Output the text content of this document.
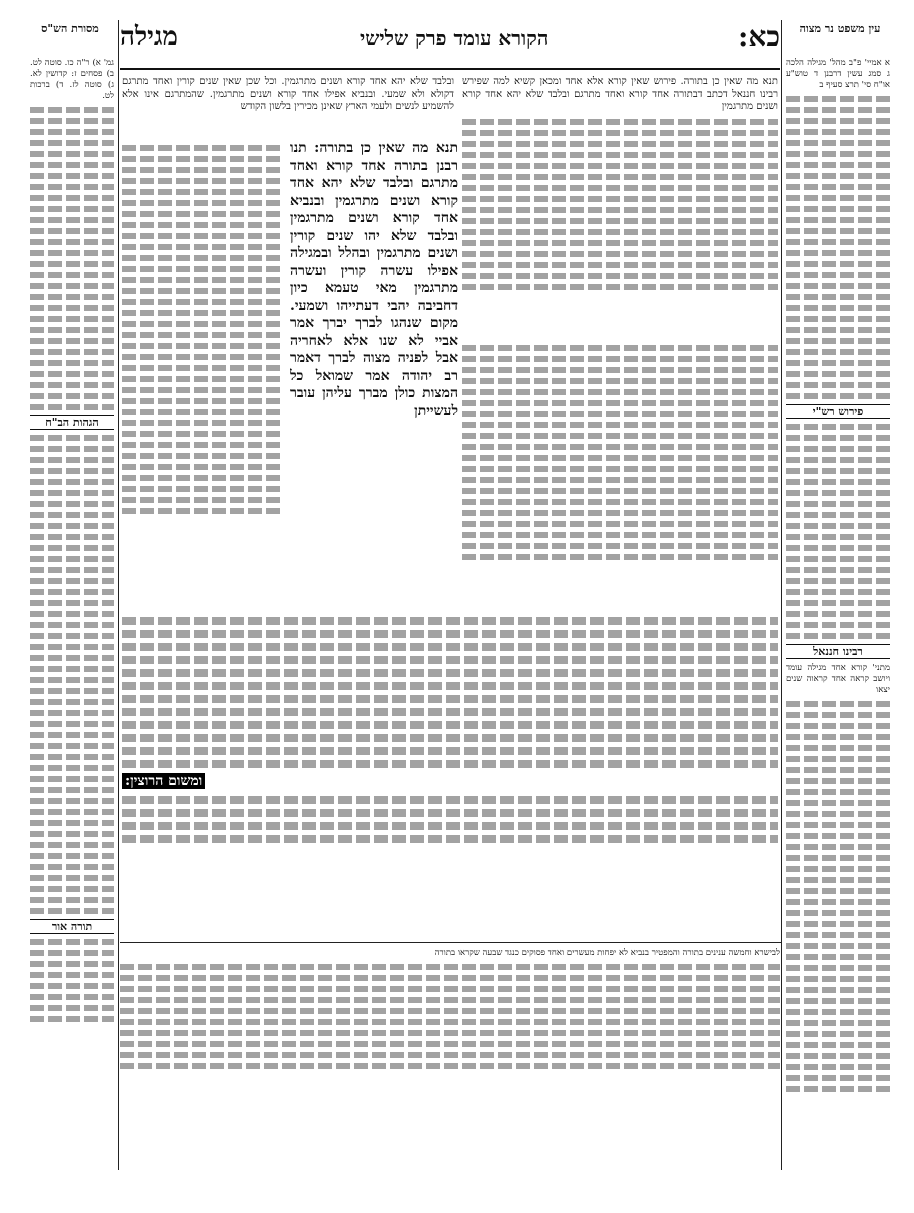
מסורת הש"ס	עין משפט נר מצוה
כא:
הקורא עומד פרק שלישי
מגילה
גמ' א) ר"ה כו. סוטה לט. ב) פסחים ז: קדושין לא. ג) סוטה לז. ד) ברכות לט.
הגהות הב"ח
תורה אור
א אמיי' פ"ב מהל' מגילה הלכה ג סמג עשין דרבנן ד טוש"ע או"ח סי' תרצ סעיף ב
פירוש רש"י
רבינו חננאל
מתני' קורא אחד מגילה עומד ויושב קראה אחד קראוה שנים יצאו
תנא מה שאין כן בתורה. פירוש שאין קורא אלא אחד ומכאן קשיא למה שפירש רבינו חננאל דכתב דבתורה אחד קורא ואחד מתרגם ובלבד שלא יהא אחד קורא ושנים מתרגמין
ובלבד שלא יהא אחד קורא ושנים מתרגמין. וכל שכן שאין שנים קורין ואחד מתרגם דקולא ולא שמעי. ובנביא אפילו אחד קורא ושנים מתרגמין. שהמתרגם אינו אלא להשמיע לנשים ולעמי הארץ שאינן מכירין בלשון הקודש
תנא מה שאין כן בתורה: תנו רבנן בתורה אחד קורא ואחד מתרגם ובלבד שלא יהא אחד קורא ושנים מתרגמין ובנביא אחד קורא ושנים מתרגמין ובלבד שלא יהו שנים קורין ושנים מתרגמין ובהלל ובמגילה אפילו עשרה קורין ועשרה מתרגמין מאי טעמא כיון דחביבה יהבי דעתייהו ושמעי. מקום שנהגו לברך יברך אמר אביי לא שנו אלא לאחריה אבל לפניה מצוה לברך דאמר רב יהודה אמר שמואל כל המצות כולן מברך עליהן עובר לעשייתן
ומשום הרוצין:
לבישרא וחמשה ענינים בתורה והמפטיר בנביא לא יפחות מעשרים ואחד פסוקים כנגד שבעה שקראו בתורה
